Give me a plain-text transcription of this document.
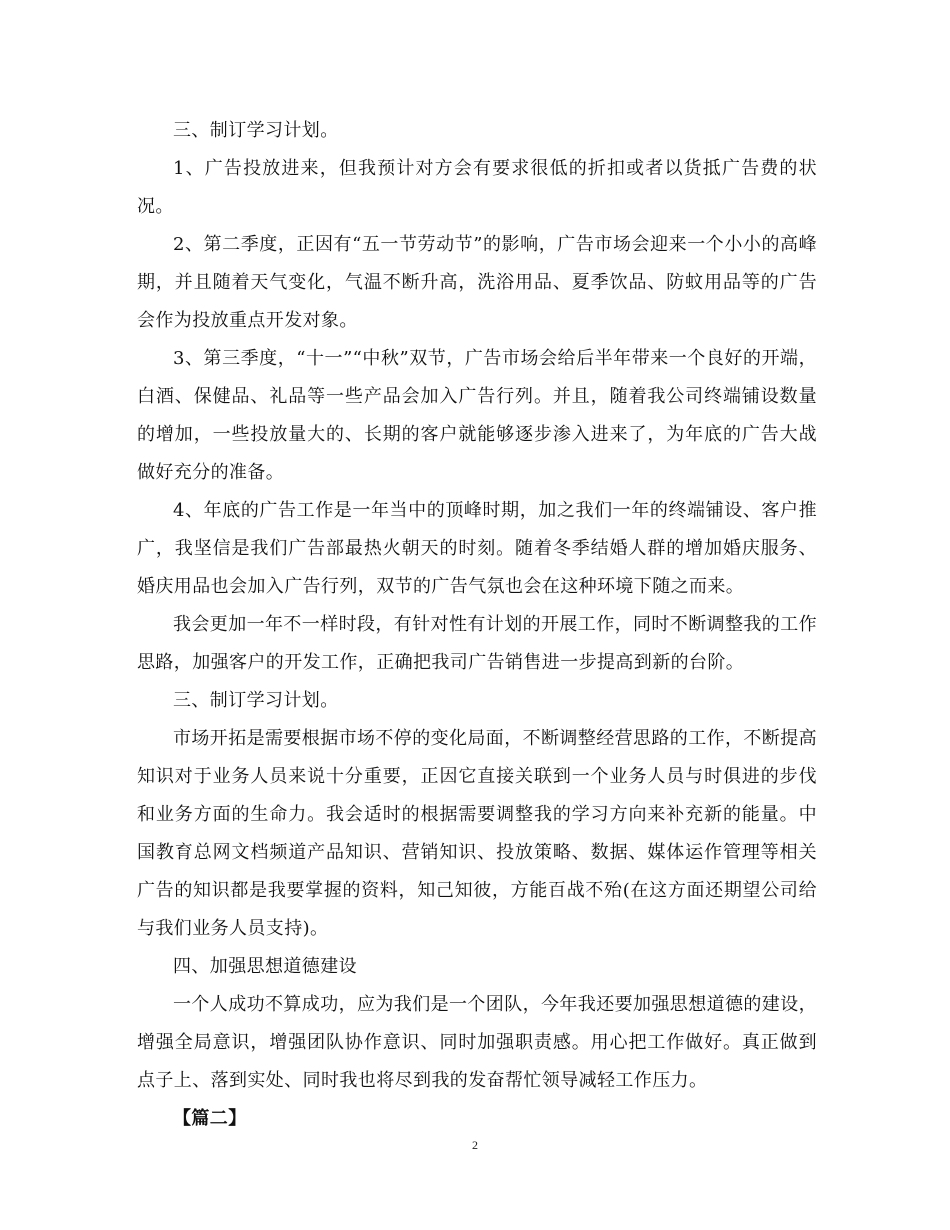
三、制订学习计划。

1、广告投放进来，但我预计对方会有要求很低的折扣或者以货抵广告费的状况。

2、第二季度，正因有“五一节劳动节”的影响，广告市场会迎来一个小小的高峰期，并且随着天气变化，气温不断升高，洗浴用品、夏季饮品、防蚊用品等的广告会作为投放重点开发对象。

3、第三季度，“十一”“中秋”双节，广告市场会给后半年带来一个良好的开端，白酒、保健品、礼品等一些产品会加入广告行列。并且，随着我公司终端铺设数量的增加，一些投放量大的、长期的客户就能够逐步渗入进来了，为年底的广告大战做好充分的准备。

4、年底的广告工作是一年当中的顶峰时期，加之我们一年的终端铺设、客户推广，我坚信是我们广告部最热火朝天的时刻。随着冬季结婚人群的增加婚庆服务、婚庆用品也会加入广告行列，双节的广告气氛也会在这种环境下随之而来。

我会更加一年不一样时段，有针对性有计划的开展工作，同时不断调整我的工作思路，加强客户的开发工作，正确把我司广告销售进一步提高到新的台阶。

三、制订学习计划。

市场开拓是需要根据市场不停的变化局面，不断调整经营思路的工作，不断提高知识对于业务人员来说十分重要，正因它直接关联到一个业务人员与时俱进的步伐和业务方面的生命力。我会适时的根据需要调整我的学习方向来补充新的能量。中国教育总网文档频道产品知识、营销知识、投放策略、数据、媒体运作管理等相关广告的知识都是我要掌握的资料，知己知彼，方能百战不殆(在这方面还期望公司给与我们业务人员支持)。

四、加强思想道德建设

一个人成功不算成功，应为我们是一个团队，今年我还要加强思想道德的建设，增强全局意识，增强团队协作意识、同时加强职责感。用心把工作做好。真正做到点子上、落到实处、同时我也将尽到我的发奋帮忙领导减轻工作压力。

【篇二】

2
